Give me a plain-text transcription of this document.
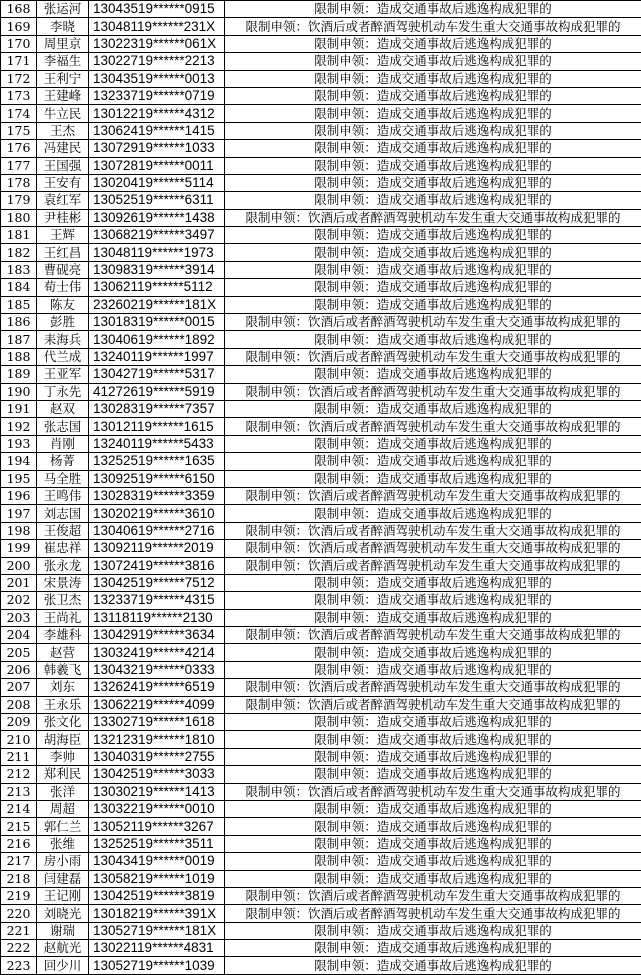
168	张运河	13043519******0915	限制申领：造成交通事故后逃逸构成犯罪的
169	李晓	13048119******231X	限制申领：饮酒后或者醉酒驾驶机动车发生重大交通事故构成犯罪的
170	周里京	13022319******061X	限制申领：造成交通事故后逃逸构成犯罪的
171	李福生	13022719******2213	限制申领：造成交通事故后逃逸构成犯罪的
172	王利宁	13043519******0013	限制申领：造成交通事故后逃逸构成犯罪的
173	王建峰	13233719******0719	限制申领：造成交通事故后逃逸构成犯罪的
174	牛立民	13012219******4312	限制申领：造成交通事故后逃逸构成犯罪的
175	王杰	13062419******1415	限制申领：造成交通事故后逃逸构成犯罪的
176	冯建民	13072919******1033	限制申领：造成交通事故后逃逸构成犯罪的
177	王国强	13072819******0011	限制申领：造成交通事故后逃逸构成犯罪的
178	王安有	13020419******5114	限制申领：造成交通事故后逃逸构成犯罪的
179	袁红军	13052519******6311	限制申领：造成交通事故后逃逸构成犯罪的
180	尹桂彬	13092619******1438	限制申领：饮酒后或者醉酒驾驶机动车发生重大交通事故构成犯罪的
181	王辉	13068219******3497	限制申领：造成交通事故后逃逸构成犯罪的
182	王红昌	13048119******1973	限制申领：造成交通事故后逃逸构成犯罪的
183	曹砚亮	13098319******3914	限制申领：造成交通事故后逃逸构成犯罪的
184	荀士伟	13062119******5112	限制申领：造成交通事故后逃逸构成犯罪的
185	陈友	23260219******181X	限制申领：造成交通事故后逃逸构成犯罪的
186	彭胜	13018319******0015	限制申领：饮酒后或者醉酒驾驶机动车发生重大交通事故构成犯罪的
187	耒海兵	13040619******1892	限制申领：造成交通事故后逃逸构成犯罪的
188	代兰成	13240119******1997	限制申领：饮酒后或者醉酒驾驶机动车发生重大交通事故构成犯罪的
189	王亚军	13042719******5317	限制申领：造成交通事故后逃逸构成犯罪的
190	丁永先	41272619******5919	限制申领：饮酒后或者醉酒驾驶机动车发生重大交通事故构成犯罪的
191	赵双	13028319******7357	限制申领：造成交通事故后逃逸构成犯罪的
192	张志国	13012119******1615	限制申领：饮酒后或者醉酒驾驶机动车发生重大交通事故构成犯罪的
193	肖刚	13240119******5433	限制申领：造成交通事故后逃逸构成犯罪的
194	杨菁	13252519******1635	限制申领：造成交通事故后逃逸构成犯罪的
195	马全胜	13092519******6150	限制申领：造成交通事故后逃逸构成犯罪的
196	王鸣伟	13028319******3359	限制申领：饮酒后或者醉酒驾驶机动车发生重大交通事故构成犯罪的
197	刘志国	13020219******3610	限制申领：造成交通事故后逃逸构成犯罪的
198	王俊超	13040619******2716	限制申领：饮酒后或者醉酒驾驶机动车发生重大交通事故构成犯罪的
199	崔忠祥	13092119******2019	限制申领：饮酒后或者醉酒驾驶机动车发生重大交通事故构成犯罪的
200	张永龙	13072419******3816	限制申领：饮酒后或者醉酒驾驶机动车发生重大交通事故构成犯罪的
201	宋景涛	13042519******7512	限制申领：造成交通事故后逃逸构成犯罪的
202	张卫杰	13233719******4315	限制申领：造成交通事故后逃逸构成犯罪的
203	王尚礼	13118119******2130	限制申领：造成交通事故后逃逸构成犯罪的
204	李雄科	13042919******3634	限制申领：饮酒后或者醉酒驾驶机动车发生重大交通事故构成犯罪的
205	赵营	13032419******4214	限制申领：造成交通事故后逃逸构成犯罪的
206	韩羲飞	13043219******0333	限制申领：造成交通事故后逃逸构成犯罪的
207	刘东	13262419******6519	限制申领：饮酒后或者醉酒驾驶机动车发生重大交通事故构成犯罪的
208	王永乐	13062219******4099	限制申领：饮酒后或者醉酒驾驶机动车发生重大交通事故构成犯罪的
209	张文化	13302719******1618	限制申领：造成交通事故后逃逸构成犯罪的
210	胡海臣	13212319******1810	限制申领：造成交通事故后逃逸构成犯罪的
211	李帅	13040319******2755	限制申领：造成交通事故后逃逸构成犯罪的
212	郑利民	13042519******3033	限制申领：造成交通事故后逃逸构成犯罪的
213	张洋	13030219******1413	限制申领：饮酒后或者醉酒驾驶机动车发生重大交通事故构成犯罪的
214	周超	13032219******0010	限制申领：造成交通事故后逃逸构成犯罪的
215	郭仁兰	13052119******3267	限制申领：造成交通事故后逃逸构成犯罪的
216	张维	13252519******3511	限制申领：造成交通事故后逃逸构成犯罪的
217	房小雨	13043419******0019	限制申领：造成交通事故后逃逸构成犯罪的
218	闫建磊	13058219******1019	限制申领：造成交通事故后逃逸构成犯罪的
219	王记刚	13042519******3819	限制申领：饮酒后或者醉酒驾驶机动车发生重大交通事故构成犯罪的
220	刘晓光	13018219******391X	限制申领：饮酒后或者醉酒驾驶机动车发生重大交通事故构成犯罪的
221	谢瑞	13052719******181X	限制申领：造成交通事故后逃逸构成犯罪的
222	赵航光	13022119******4831	限制申领：造成交通事故后逃逸构成犯罪的
223	回少川	13052719******1039	限制申领：造成交通事故后逃逸构成犯罪的
